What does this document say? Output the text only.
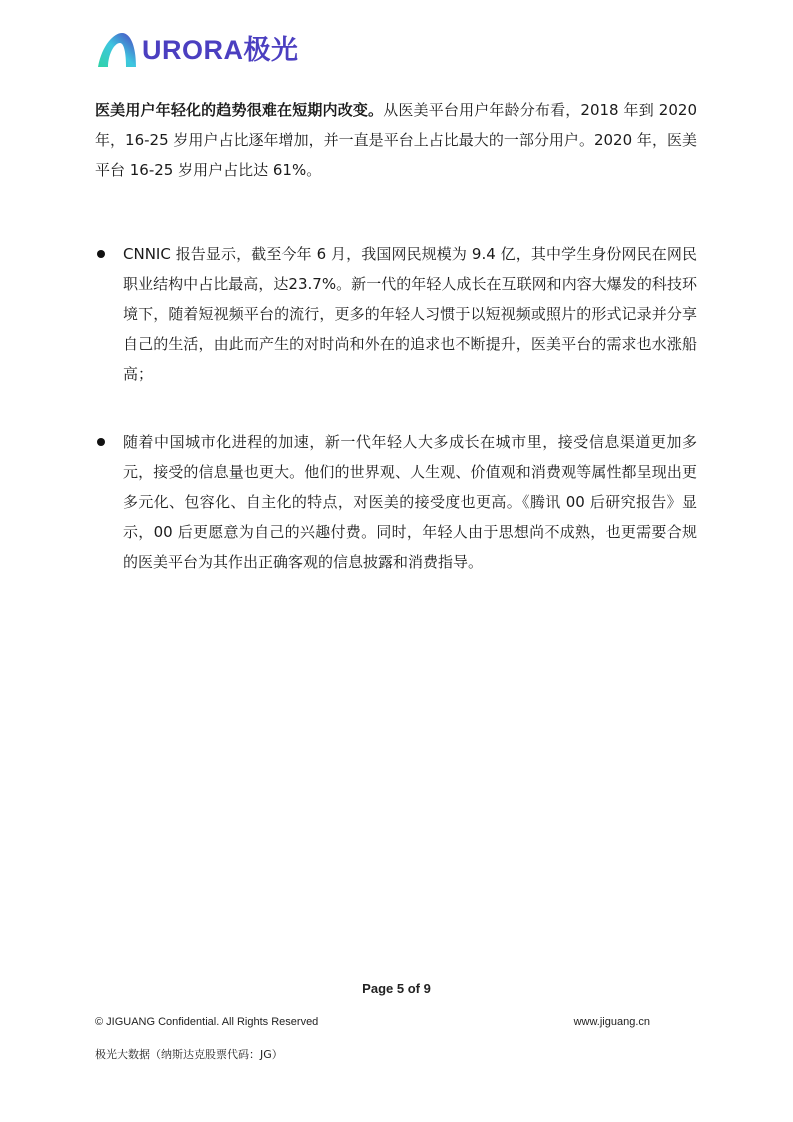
URORA极光

医美用户年轻化的趋势很难在短期内改变。从医美平台用户年龄分布看，2018 年到 2020 年，16-25 岁用户占比逐年增加，并一直是平台上占比最大的一部分用户。2020 年，医美平台 16-25 岁用户占比达 61%。

CNNIC 报告显示，截至今年 6 月，我国网民规模为 9.4 亿，其中学生身份网民在网民职业结构中占比最高，达23.7%。新一代的年轻人成长在互联网和内容大爆发的科技环境下，随着短视频平台的流行，更多的年轻人习惯于以短视频或照片的形式记录并分享自己的生活，由此而产生的对时尚和外在的追求也不断提升，医美平台的需求也水涨船高；

随着中国城市化进程的加速，新一代年轻人大多成长在城市里，接受信息渠道更加多元，接受的信息量也更大。他们的世界观、人生观、价值观和消费观等属性都呈现出更多元化、包容化、自主化的特点，对医美的接受度也更高。《腾讯 00 后研究报告》显示，00 后更愿意为自己的兴趣付费。同时，年轻人由于思想尚不成熟，也更需要合规的医美平台为其作出正确客观的信息披露和消费指导。

Page 5 of 9
© JIGUANG Confidential. All Rights Reserved	www.jiguang.cn
极光大数据（纳斯达克股票代码：JG）
